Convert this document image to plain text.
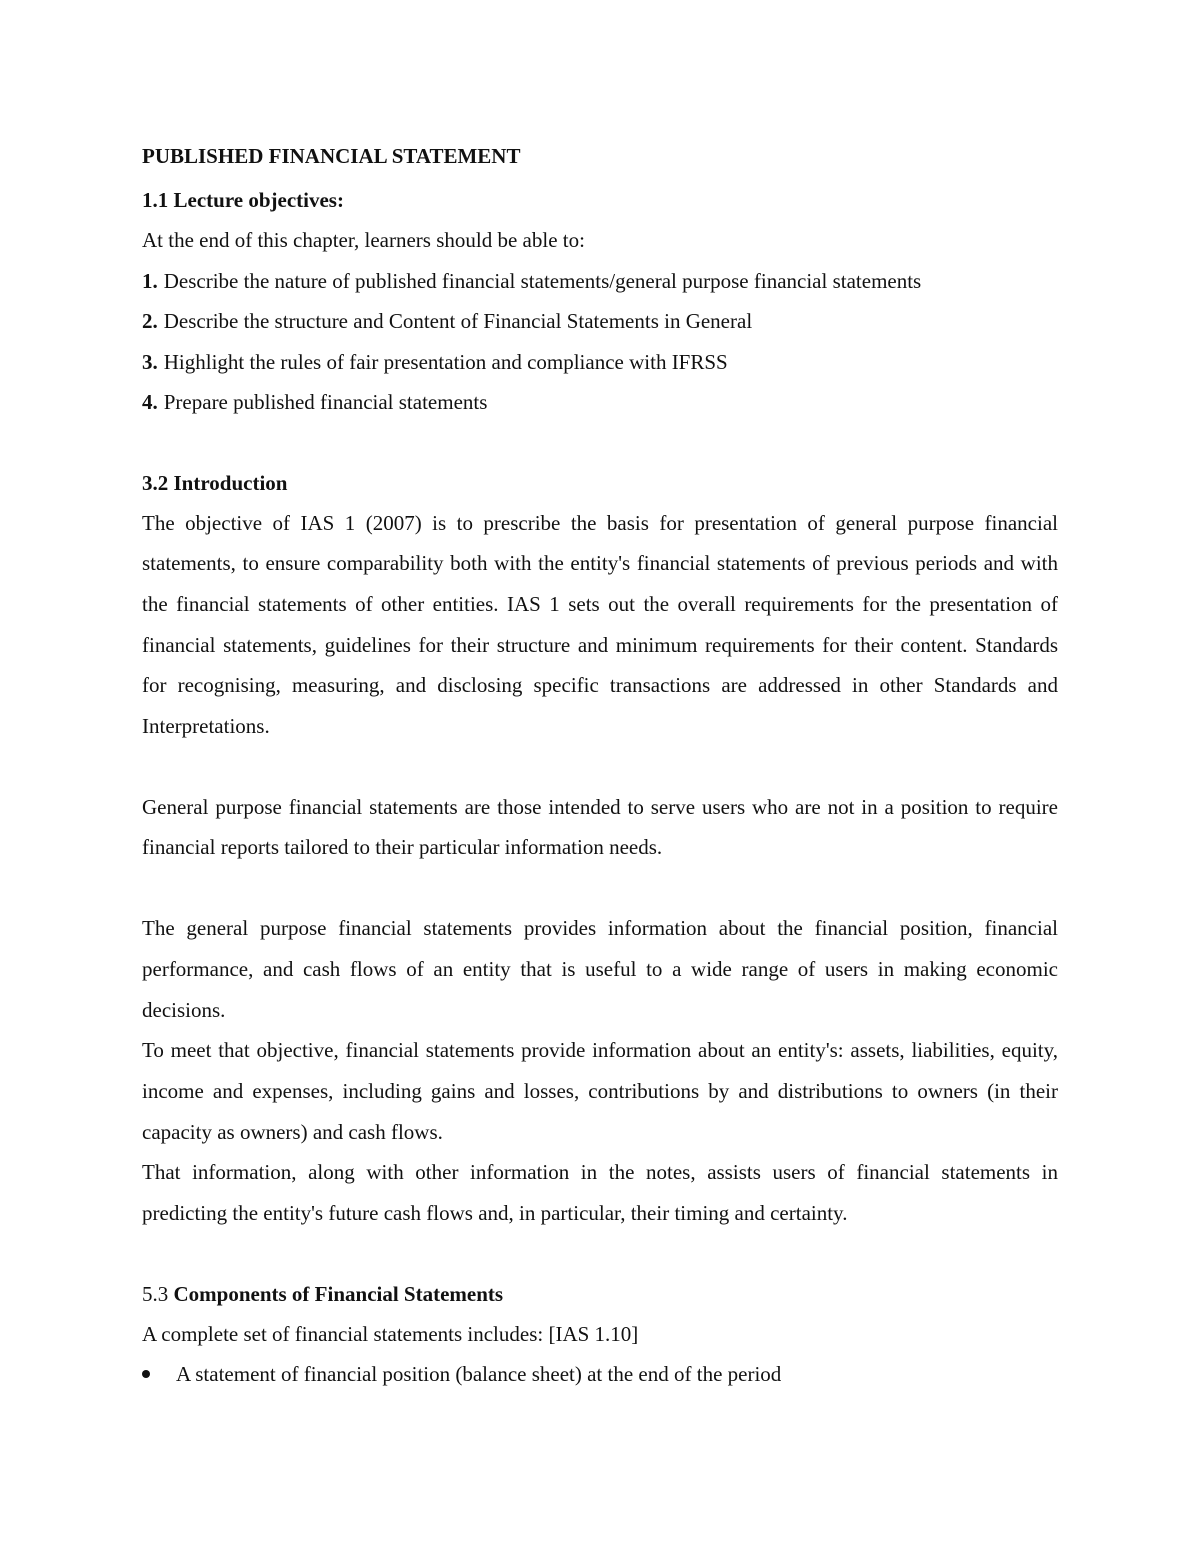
PUBLISHED FINANCIAL STATEMENT

1.1 Lecture objectives:

At the end of this chapter, learners should be able to:

1. Describe the nature of published financial statements/general purpose financial statements
2. Describe the structure and Content of Financial Statements in General
3. Highlight the rules of fair presentation and compliance with IFRSS
4. Prepare published financial statements

3.2 Introduction

The objective of IAS 1 (2007) is to prescribe the basis for presentation of general purpose financial statements, to ensure comparability both with the entity's financial statements of previous periods and with the financial statements of other entities. IAS 1 sets out the overall requirements for the presentation of financial statements, guidelines for their structure and minimum requirements for their content. Standards for recognising, measuring, and disclosing specific transactions are addressed in other Standards and Interpretations.

General purpose financial statements are those intended to serve users who are not in a position to require financial reports tailored to their particular information needs.

The general purpose financial statements provides information about the financial position, financial performance, and cash flows of an entity that is useful to a wide range of users in making economic decisions.

To meet that objective, financial statements provide information about an entity's: assets, liabilities, equity, income and expenses, including gains and losses, contributions by and distributions to owners (in their capacity as owners) and cash flows.

That information, along with other information in the notes, assists users of financial statements in predicting the entity's future cash flows and, in particular, their timing and certainty.

5.3 Components of Financial Statements

A complete set of financial statements includes: [IAS 1.10]

A statement of financial position (balance sheet) at the end of the period
